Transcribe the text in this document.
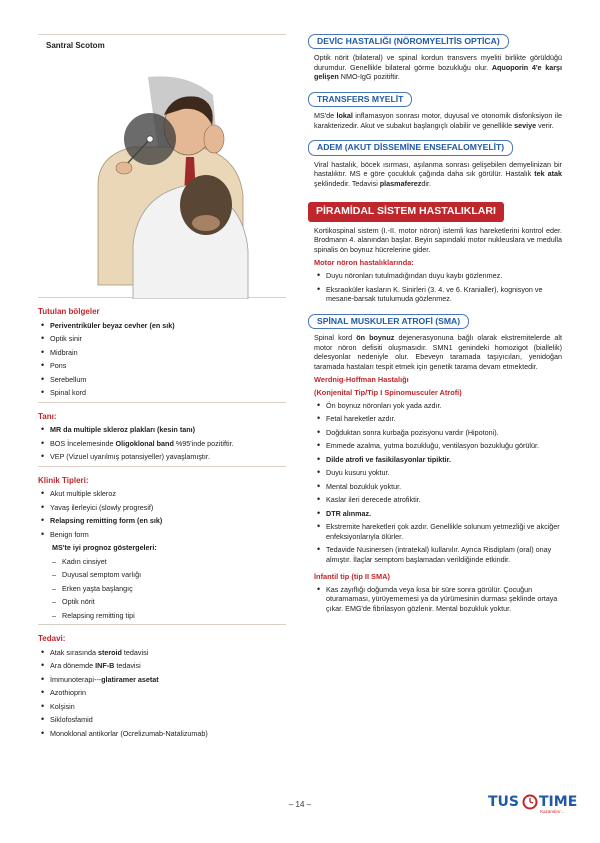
Santral Scotom
Tutulan bölgeler
• Periventriküler beyaz cevher (en sık)
• Optik sinir
• Midbrain
• Pons
• Serebellum
• Spinal kord
Tanı:
• MR da multiple skleroz plakları (kesin tanı)
• BOS İncelemesinde Oligoklonal band %95'inde pozitiftir.
• VEP (Vizuel uyarılmış potansiyeller) yavaşlamıştır.
Klinik Tipleri:
• Akut multiple skleroz
• Yavaş ilerleyici (slowly progresif)
• Relapsing remitting form (en sık)
• Benign form
MS'te iyi prognoz göstergeleri:
– Kadın cinsiyet
– Duyusal semptom varlığı
– Erken yaşta başlangıç
– Optik nörit
– Relapsing remitting tipi
Tedavi:
• Atak sırasında steroid tedavisi
• Ara dönemde INF-B tedavisi
• İmmunoterapi---glatiramer asetat
• Azothioprin
• Kolşisin
• Siklofosfamid
• Monoklonal antikorlar (Ocrelizumab-Natalizumab)
DEVİC HASTALIĞI (NÖROMYELİTİS OPTİCA)

Optik nörit (bilateral) ve spinal kordun transvers myeliti birlikte görüldüğü durumdur. Genellikle bilateral görme bozukluğu olur. Aquoporin 4'e karşı gelişen NMO-IgG pozitiftir.

TRANSFERS MYELİT

MS'de lokal inflamasyon sonrası motor, duyusal ve otonomik disfonksiyon ile karakterizedir. Akut ve subakut başlangıçlı olabilir ve genellikle seviye verir.

ADEM (AKUT DİSSEMİNE ENSEFALOMYELİT)

Viral hastalık, böcek ısırması, aşılanma sonrası gelişebilen demyelinizan bir hastalıktır. MS e göre çocukluk çağında daha sık görülür. Hastalık tek atak şeklindedir. Tedavisi plasmaferezdir.

PİRAMİDAL SİSTEM HASTALIKLARI

Kortikospinal sistem (I.-II. motor nöron) istemli kas hareketlerini kontrol eder. Brodmann 4. alanından başlar. Beyin sapındaki motor nukleuslara ve medulla spinalis ön boynuz hücrelerine gider.

Motor nöron hastalıklarında:
• Duyu nöronları tutulmadığından duyu kaybı gözlenmez.
• Eksraoküler kasların K. Sinirleri (3. 4. ve 6. Kranialler), kognisyon ve mesane-barsak tutulumuda gözlenmez.
SPİNAL MUSKULER ATROFİ (SMA)

Spinal kord ön boynuz dejenerasyonuna bağlı olarak ekstremitelerde alt motor nöron defisiti oluşmasıdır. SMN1 genindeki homozigot (biallelik) delesyonlar nedeniyle olur. Ebeveyn taramada taşıyıcıları, yenidoğan taramada hastaları tespit etmek için genetik tarama devam etmektedir.

Werdnig-Hoffman Hastalığı
(Konjenital Tip/Tip I Spinomusculer Atrofi)
• Ön boynuz nöronları yok yada azdır.
• Fetal hareketler azdır.
• Doğduktan sonra kurbağa pozisyonu vardır (Hipotoni).
• Emmede azalma, yutma bozukluğu, ventilasyon bozukluğu görülür.
• Dilde atrofi ve fasikilasyonlar tipiktir.
• Duyu kusuru yoktur.
• Mental bozukluk yoktur.
• Kaslar ileri derecede atrofiktir.
• DTR alınmaz.
• Ekstremite hareketleri çok azdır. Genellikle solunum yetmezliği ve akciğer enfeksiyonlarıyla ölürler.
• Tedavide Nusinersen (intratekal) kullanılır. Ayrıca Risdiplam (oral) onay almıştır. İlaçlar semptom başlamadan verildiğinde etkindir.
İnfantil tip (tip II SMA)
• Kas zayıflığı doğumda veya kısa bir süre sonra görülür. Çocuğun oturamaması, yürüyememesi ya da yürümesinin durması şeklinde ortaya çıkar. EMG'de fibrilasyon gözlenir. Mental bozukluk yoktur.
– 14 –	TUS TIME
Kazandırır...
